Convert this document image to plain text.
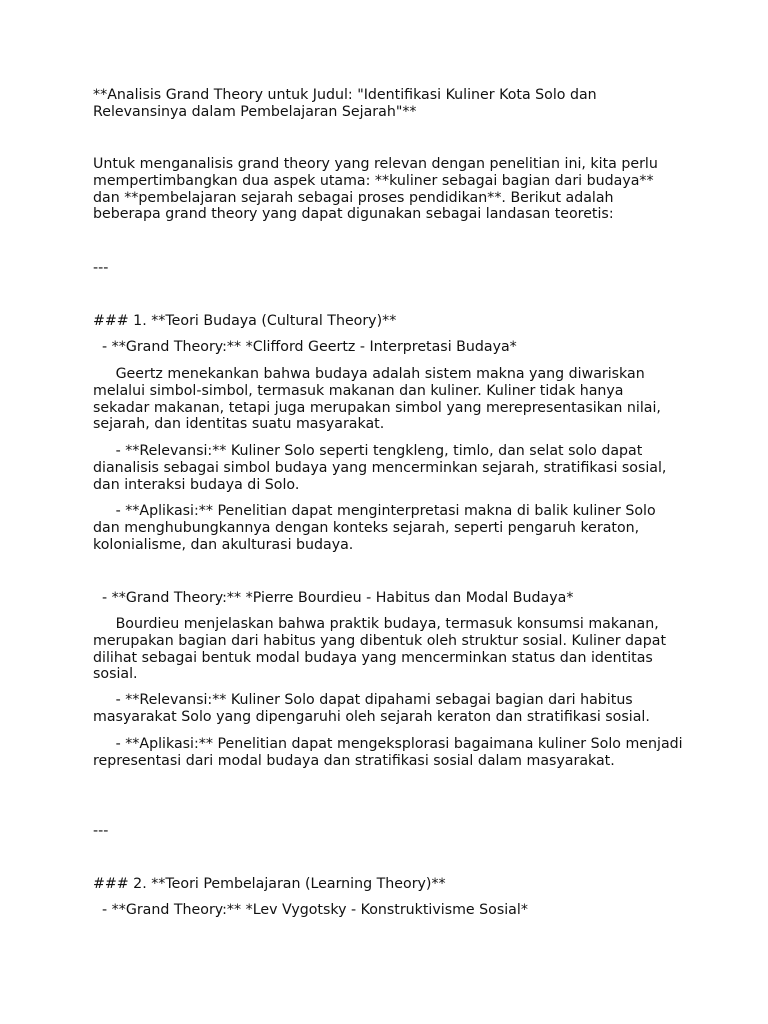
**Analisis Grand Theory untuk Judul: "Identifikasi Kuliner Kota Solo dan Relevansinya dalam Pembelajaran Sejarah"**

Untuk menganalisis grand theory yang relevan dengan penelitian ini, kita perlu mempertimbangkan dua aspek utama: **kuliner sebagai bagian dari budaya** dan **pembelajaran sejarah sebagai proses pendidikan**. Berikut adalah beberapa grand theory yang dapat digunakan sebagai landasan teoretis:

---

### 1. **Teori Budaya (Cultural Theory)**

- **Grand Theory:** *Clifford Geertz - Interpretasi Budaya*

Geertz menekankan bahwa budaya adalah sistem makna yang diwariskan melalui simbol-simbol, termasuk makanan dan kuliner. Kuliner tidak hanya sekadar makanan, tetapi juga merupakan simbol yang merepresentasikan nilai, sejarah, dan identitas suatu masyarakat.

- **Relevansi:** Kuliner Solo seperti tengkleng, timlo, dan selat solo dapat dianalisis sebagai simbol budaya yang mencerminkan sejarah, stratifikasi sosial, dan interaksi budaya di Solo.

- **Aplikasi:** Penelitian dapat menginterpretasi makna di balik kuliner Solo dan menghubungkannya dengan konteks sejarah, seperti pengaruh keraton, kolonialisme, dan akulturasi budaya.

- **Grand Theory:** *Pierre Bourdieu - Habitus dan Modal Budaya*

Bourdieu menjelaskan bahwa praktik budaya, termasuk konsumsi makanan, merupakan bagian dari habitus yang dibentuk oleh struktur sosial. Kuliner dapat dilihat sebagai bentuk modal budaya yang mencerminkan status dan identitas sosial.

- **Relevansi:** Kuliner Solo dapat dipahami sebagai bagian dari habitus masyarakat Solo yang dipengaruhi oleh sejarah keraton dan stratifikasi sosial.

- **Aplikasi:** Penelitian dapat mengeksplorasi bagaimana kuliner Solo menjadi representasi dari modal budaya dan stratifikasi sosial dalam masyarakat.

---

### 2. **Teori Pembelajaran (Learning Theory)**

- **Grand Theory:** *Lev Vygotsky - Konstruktivisme Sosial*
